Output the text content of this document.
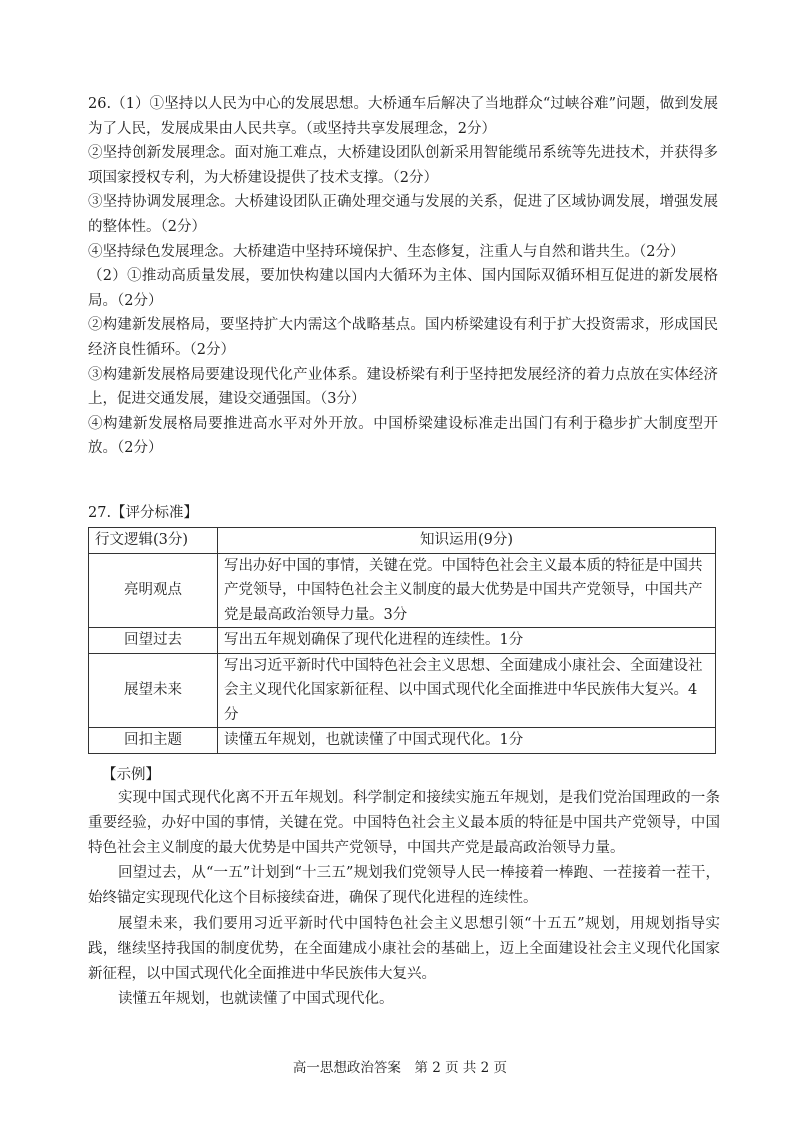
26.（1）①坚持以人民为中心的发展思想。大桥通车后解决了当地群众“过峡谷难”问题，做到发展为了人民，发展成果由人民共享。（或坚持共享发展理念，2分）

②坚持创新发展理念。面对施工难点，大桥建设团队创新采用智能缆吊系统等先进技术，并获得多项国家授权专利，为大桥建设提供了技术支撑。（2分）

③坚持协调发展理念。大桥建设团队正确处理交通与发展的关系，促进了区域协调发展，增强发展的整体性。（2分）

④坚持绿色发展理念。大桥建造中坚持环境保护、生态修复，注重人与自然和谐共生。（2分）

（2）①推动高质量发展，要加快构建以国内大循环为主体、国内国际双循环相互促进的新发展格局。（2分）

②构建新发展格局，要坚持扩大内需这个战略基点。国内桥梁建设有利于扩大投资需求，形成国民经济良性循环。（2分）

③构建新发展格局要建设现代化产业体系。建设桥梁有利于坚持把发展经济的着力点放在实体经济上，促进交通发展，建设交通强国。（3分）

④构建新发展格局要推进高水平对外开放。中国桥梁建设标准走出国门有利于稳步扩大制度型开放。（2分）

27.【评分标准】

行文逻辑(3分)	知识运用(9分)
亮明观点	写出办好中国的事情，关键在党。中国特色社会主义最本质的特征是中国共产党领导，中国特色社会主义制度的最大优势是中国共产党领导，中国共产党是最高政治领导力量。3分
回望过去	写出五年规划确保了现代化进程的连续性。1分
展望未来	写出习近平新时代中国特色社会主义思想、全面建成小康社会、全面建设社会主义现代化国家新征程、以中国式现代化全面推进中华民族伟大复兴。4分
回扣主题	读懂五年规划，也就读懂了中国式现代化。1分

【示例】

实现中国式现代化离不开五年规划。科学制定和接续实施五年规划，是我们党治国理政的一条重要经验，办好中国的事情，关键在党。中国特色社会主义最本质的特征是中国共产党领导，中国特色社会主义制度的最大优势是中国共产党领导，中国共产党是最高政治领导力量。

回望过去，从“一五”计划到“十三五”规划我们党领导人民一棒接着一棒跑、一茬接着一茬干，始终锚定实现现代化这个目标接续奋进，确保了现代化进程的连续性。

展望未来，我们要用习近平新时代中国特色社会主义思想引领“十五五”规划，用规划指导实践，继续坚持我国的制度优势，在全面建成小康社会的基础上，迈上全面建设社会主义现代化国家新征程，以中国式现代化全面推进中华民族伟大复兴。

读懂五年规划，也就读懂了中国式现代化。

高一思想政治答案　第 2 页 共 2 页
